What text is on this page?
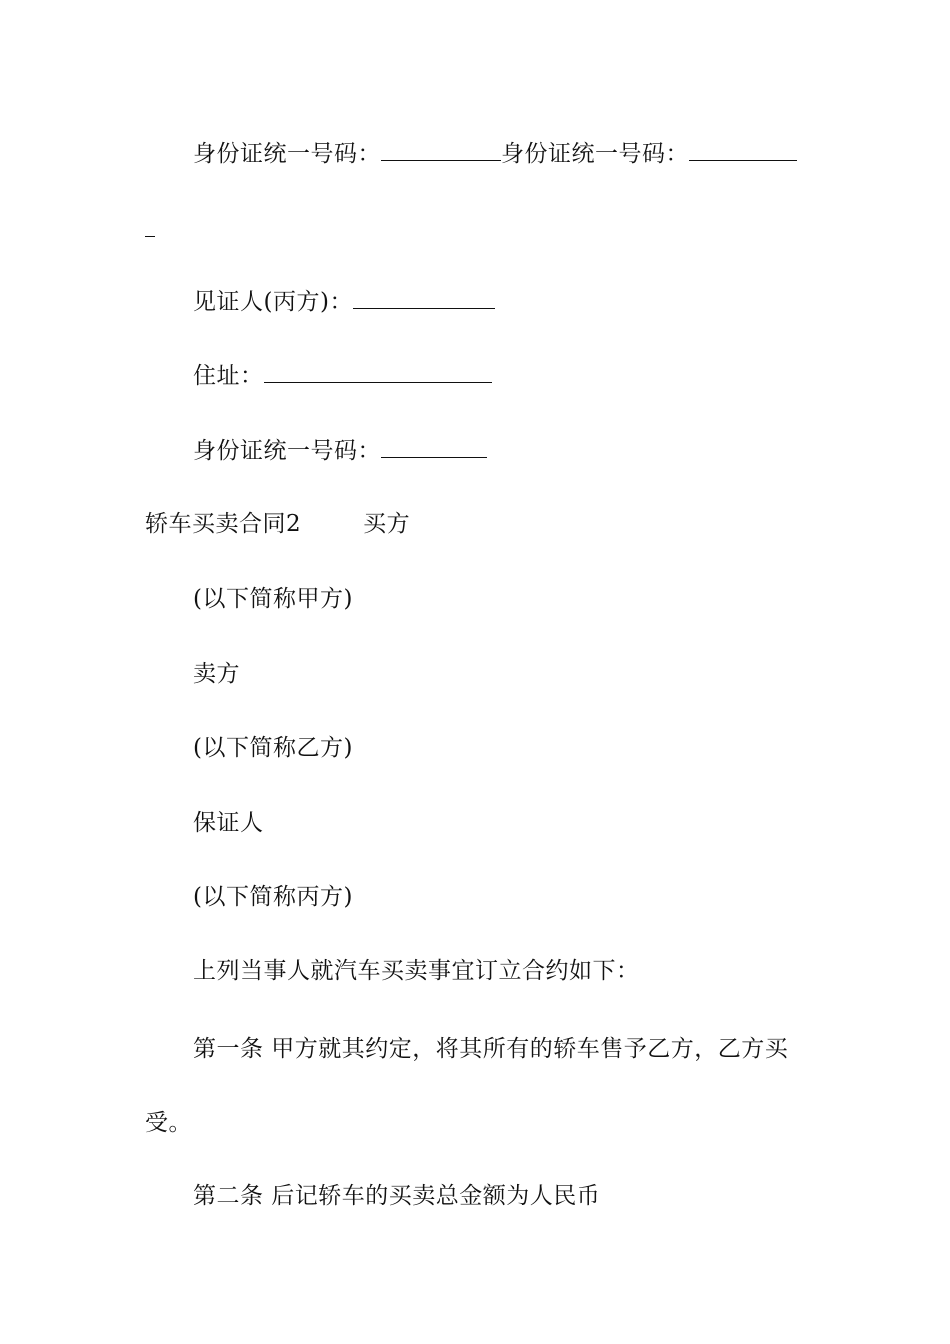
身份证统一号码：	身份证统一号码：
见证人(丙方)：
住址：
身份证统一号码：
轿车买卖合同2	买方
(以下简称甲方)
卖方
(以下简称乙方)
保证人
(以下简称丙方)
上列当事人就汽车买卖事宜订立合约如下：
第一条 甲方就其约定，将其所有的轿车售予乙方，乙方买
受。
第二条 后记轿车的买卖总金额为人民币
